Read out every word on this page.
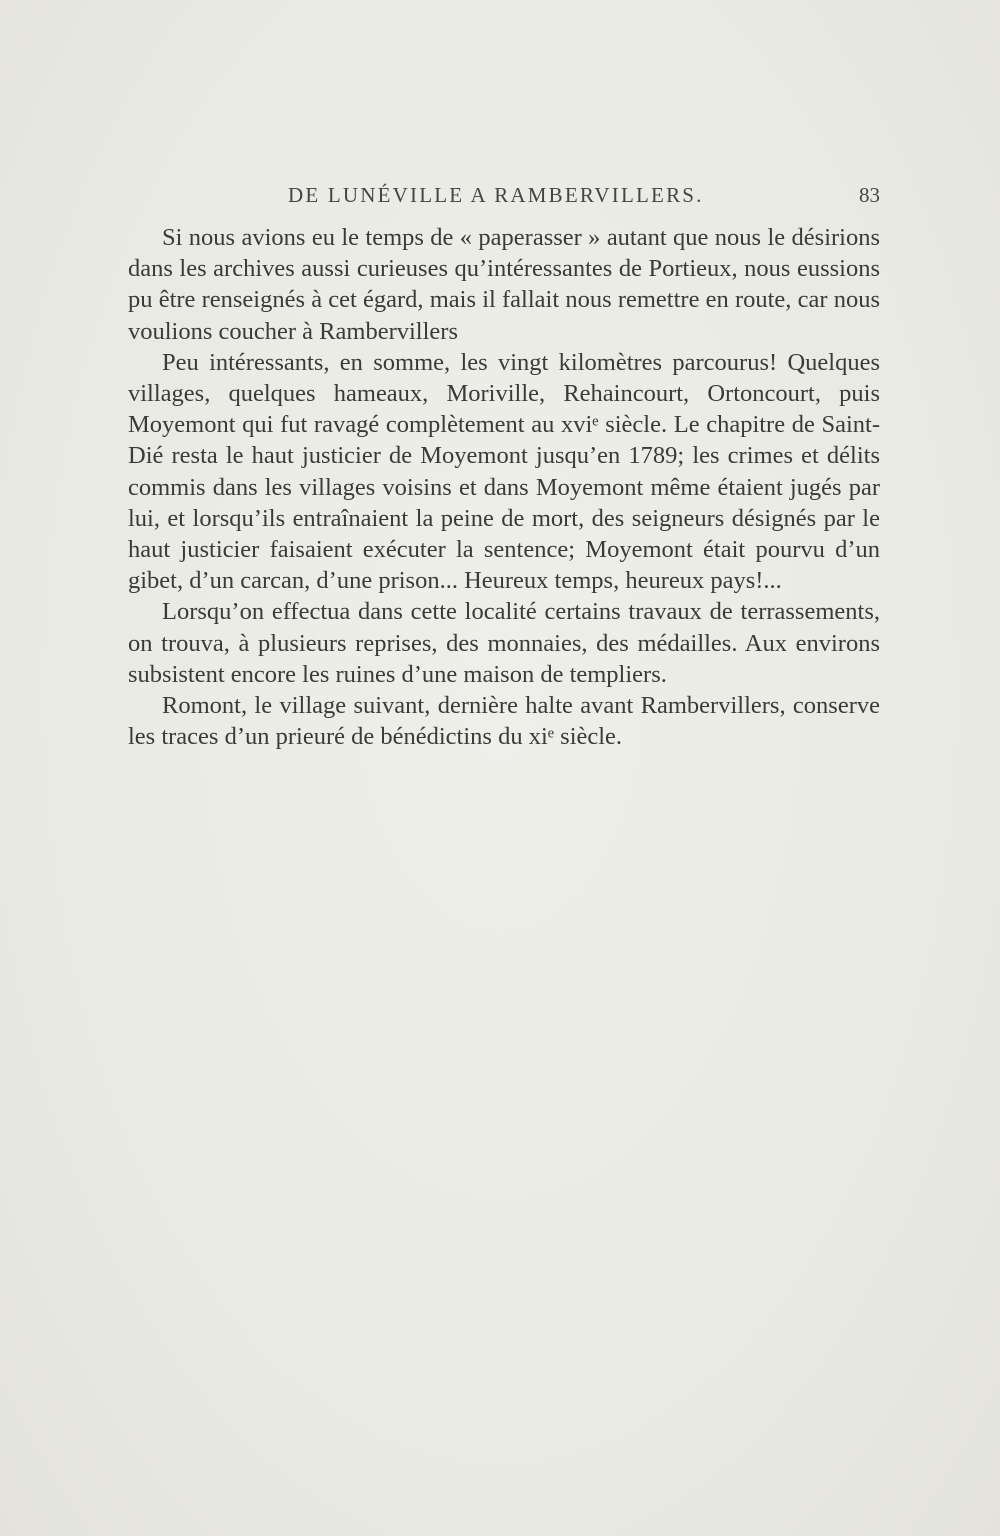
DE LUNÉVILLE A RAMBERVILLERS.	83

Si nous avions eu le temps de « paperasser » autant que nous le désirions dans les archives aussi curieuses qu’intéressantes de Portieux, nous eussions pu être renseignés à cet égard, mais il fallait nous remettre en route, car nous voulions coucher à Rambervillers

Peu intéressants, en somme, les vingt kilomètres parcourus! Quelques villages, quelques hameaux, Moriville, Rehaincourt, Ortoncourt, puis Moyemont qui fut ravagé complètement au xviᵉ siècle. Le chapitre de Saint-Dié resta le haut justicier de Moyemont jusqu’en 1789; les crimes et délits commis dans les villages voisins et dans Moyemont même étaient jugés par lui, et lorsqu’ils entraînaient la peine de mort, des seigneurs désignés par le haut justicier faisaient exécuter la sentence; Moyemont était pourvu d’un gibet, d’un carcan, d’une prison... Heureux temps, heureux pays!...

Lorsqu’on effectua dans cette localité certains travaux de terrassements, on trouva, à plusieurs reprises, des monnaies, des médailles. Aux environs subsistent encore les ruines d’une maison de templiers.

Romont, le village suivant, dernière halte avant Rambervillers, conserve les traces d’un prieuré de bénédictins du xiᵉ siècle.
